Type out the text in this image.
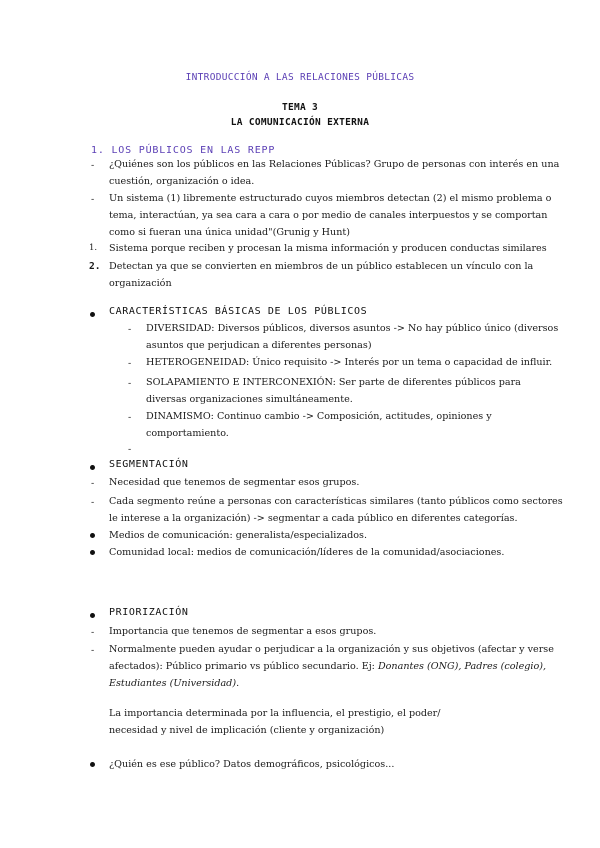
INTRODUCCIÓN A LAS RELACIONES PÚBLICAS
TEMA 3
LA COMUNICACIÓN EXTERNA
1. LOS PÚBLICOS EN LAS REPP
- ¿Quiénes son los públicos en las Relaciones Públicas? Grupo de personas con interés en una
cuestión, organización o idea.
- Un sistema (1) libremente estructurado cuyos miembros detectan (2) el mismo problema o
tema, interactúan, ya sea cara a cara o por medio de canales interpuestos y se comportan
como si fueran una única unidad"(Grunig y Hunt)
1. Sistema porque reciben y procesan la misma información y producen conductas similares
2. Detectan ya que se convierten en miembros de un público establecen un vínculo con la
organización
CARACTERÍSTICAS BÁSICAS DE LOS PÚBLICOS
- DIVERSIDAD: Diversos públicos, diversos asuntos -> No hay público único (diversos
asuntos que perjudican a diferentes personas)
- HETEROGENEIDAD: Único requisito -> Interés por un tema o capacidad de influir.
- SOLAPAMIENTO E INTERCONEXIÓN: Ser parte de diferentes públicos para
diversas organizaciones simultáneamente.
- DINAMISMO: Continuo cambio -> Composición, actitudes, opiniones y
comportamiento.
-
SEGMENTACIÓN
- Necesidad que tenemos de segmentar esos grupos.
- Cada segmento reúne a personas con características similares (tanto públicos como sectores
le interese a la organización) -> segmentar a cada público en diferentes categorías.
Medios de comunicación: generalista/especializados.
Comunidad local: medios de comunicación/líderes de la comunidad/asociaciones.
PRIORIZACIÓN
- Importancia que tenemos de segmentar a esos grupos.
- Normalmente pueden ayudar o perjudicar a la organización y sus objetivos (afectar y verse
afectados): Público primario vs público secundario. Ej: Donantes (ONG), Padres (colegio),
Estudiantes (Universidad).
La importancia determinada por la influencia, el prestigio, el poder/
necesidad y nivel de implicación (cliente y organización)
¿Quién es ese público? Datos demográficos, psicológicos...
